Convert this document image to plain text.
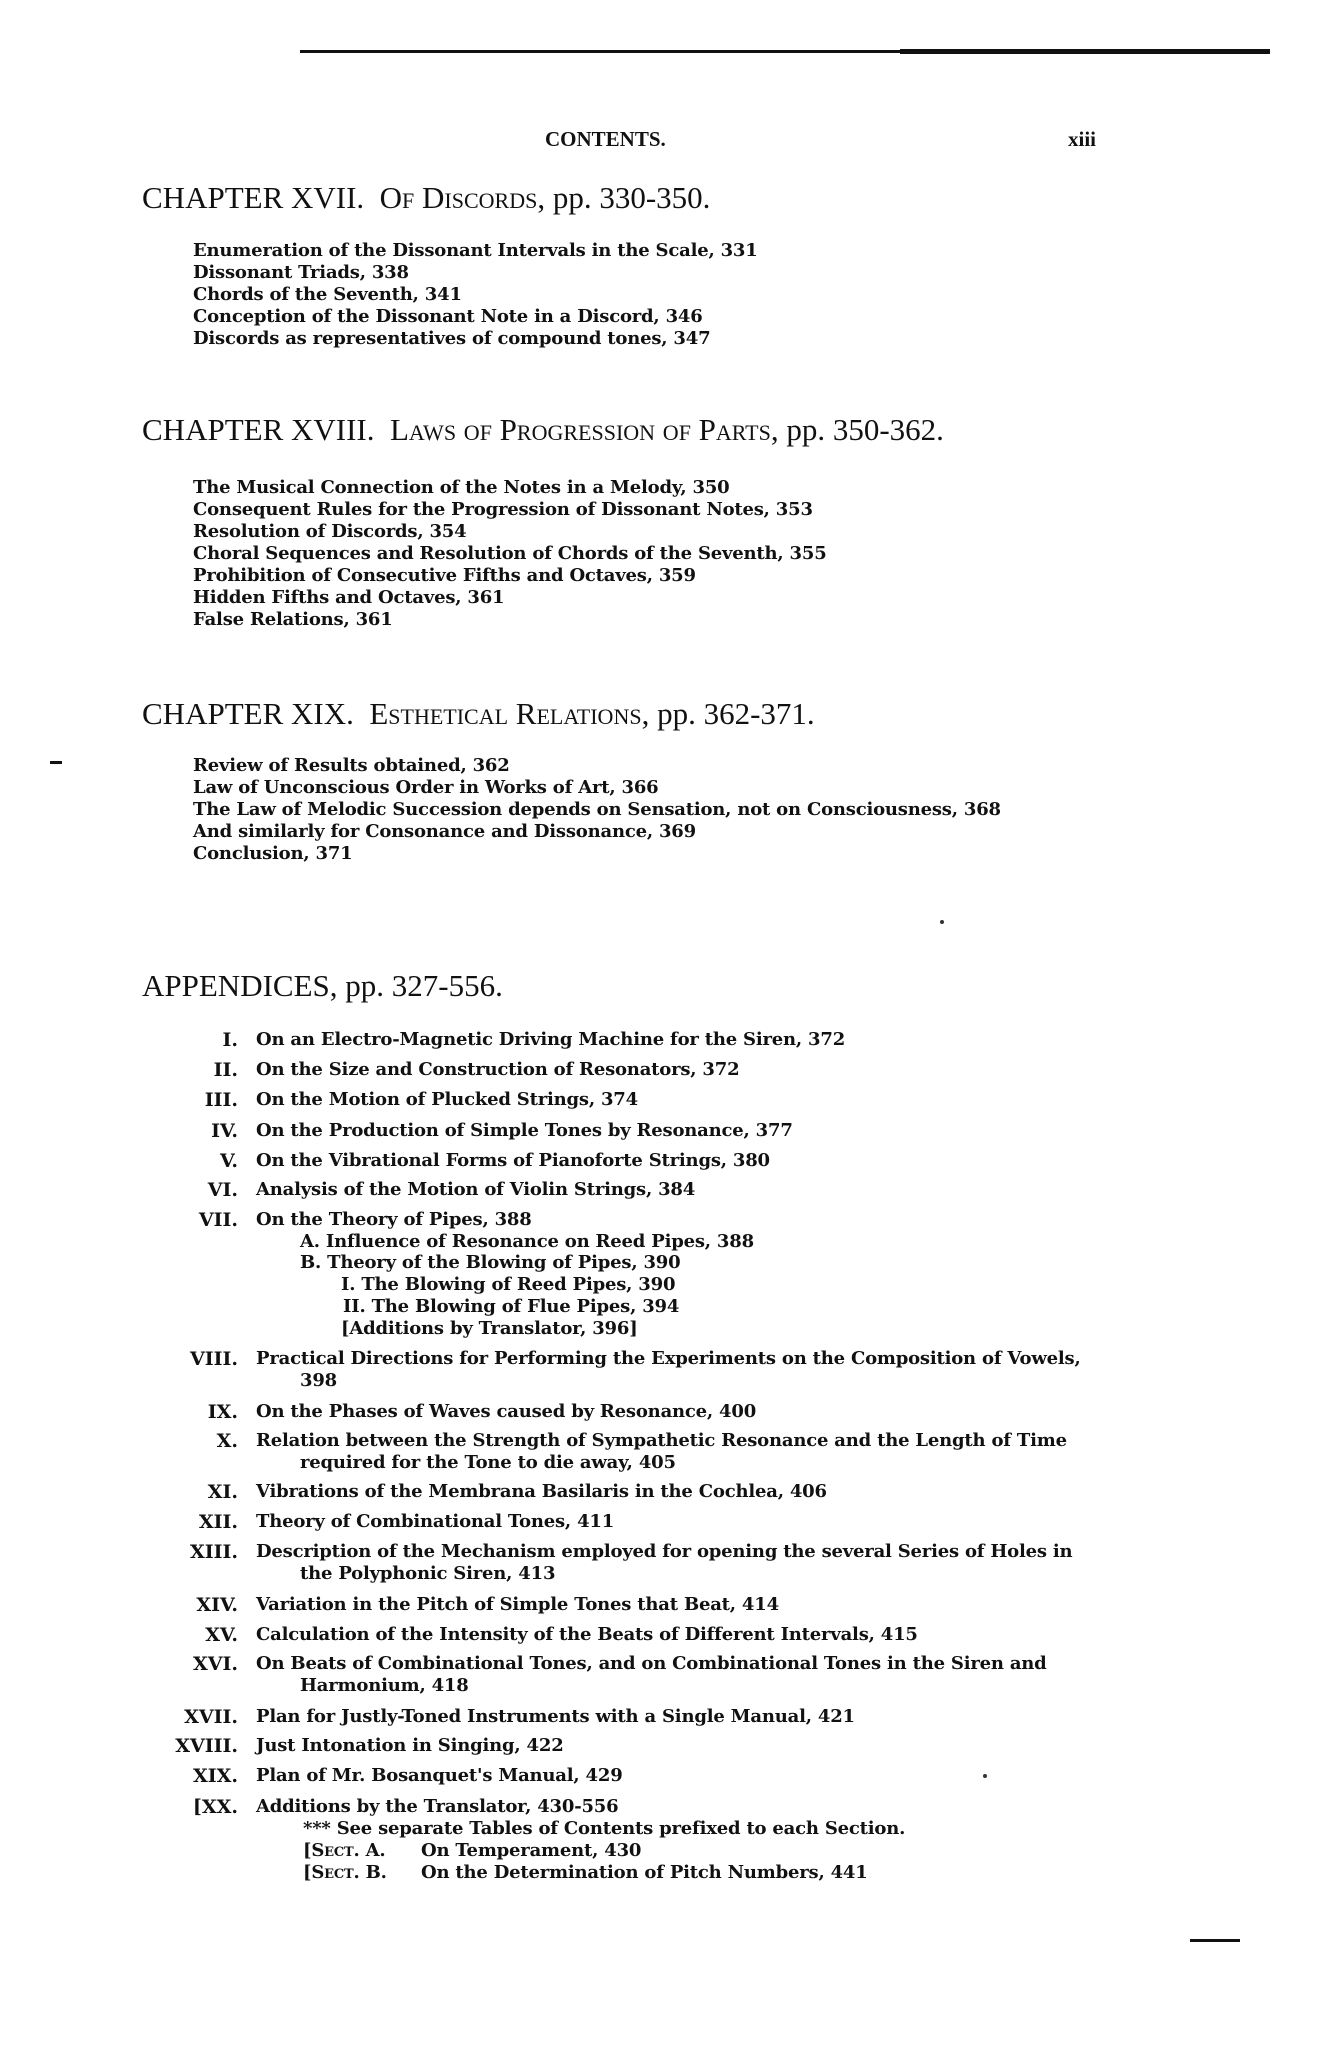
CONTENTS.	xiii
CHAPTER XVII. Of Discords, pp. 330-350.
Enumeration of the Dissonant Intervals in the Scale, 331
Dissonant Triads, 338
Chords of the Seventh, 341
Conception of the Dissonant Note in a Discord, 346
Discords as representatives of compound tones, 347
CHAPTER XVIII. Laws of Progression of Parts, pp. 350-362.
The Musical Connection of the Notes in a Melody, 350
Consequent Rules for the Progression of Dissonant Notes, 353
Resolution of Discords, 354
Choral Sequences and Resolution of Chords of the Seventh, 355
Prohibition of Consecutive Fifths and Octaves, 359
Hidden Fifths and Octaves, 361
False Relations, 361
CHAPTER XIX. Esthetical Relations, pp. 362-371.
Review of Results obtained, 362
Law of Unconscious Order in Works of Art, 366
The Law of Melodic Succession depends on Sensation, not on Consciousness, 368
And similarly for Consonance and Dissonance, 369
Conclusion, 371
APPENDICES, pp. 327-556.
I. On an Electro-Magnetic Driving Machine for the Siren, 372
II. On the Size and Construction of Resonators, 372
III. On the Motion of Plucked Strings, 374
IV. On the Production of Simple Tones by Resonance, 377
V. On the Vibrational Forms of Pianoforte Strings, 380
VI. Analysis of the Motion of Violin Strings, 384
VII. On the Theory of Pipes, 388
A. Influence of Resonance on Reed Pipes, 388
B. Theory of the Blowing of Pipes, 390
I. The Blowing of Reed Pipes, 390
II. The Blowing of Flue Pipes, 394
[Additions by Translator, 396]
VIII. Practical Directions for Performing the Experiments on the Composition of Vowels,
398
IX. On the Phases of Waves caused by Resonance, 400
X. Relation between the Strength of Sympathetic Resonance and the Length of Time
required for the Tone to die away, 405
XI. Vibrations of the Membrana Basilaris in the Cochlea, 406
XII. Theory of Combinational Tones, 411
XIII. Description of the Mechanism employed for opening the several Series of Holes in
the Polyphonic Siren, 413
XIV. Variation in the Pitch of Simple Tones that Beat, 414
XV. Calculation of the Intensity of the Beats of Different Intervals, 415
XVI. On Beats of Combinational Tones, and on Combinational Tones in the Siren and
Harmonium, 418
XVII. Plan for Justly-Toned Instruments with a Single Manual, 421
XVIII. Just Intonation in Singing, 422
XIX. Plan of Mr. Bosanquet's Manual, 429
[XX. Additions by the Translator, 430-556
*** See separate Tables of Contents prefixed to each Section.
[Sect. A. On Temperament, 430
[Sect. B. On the Determination of Pitch Numbers, 441
